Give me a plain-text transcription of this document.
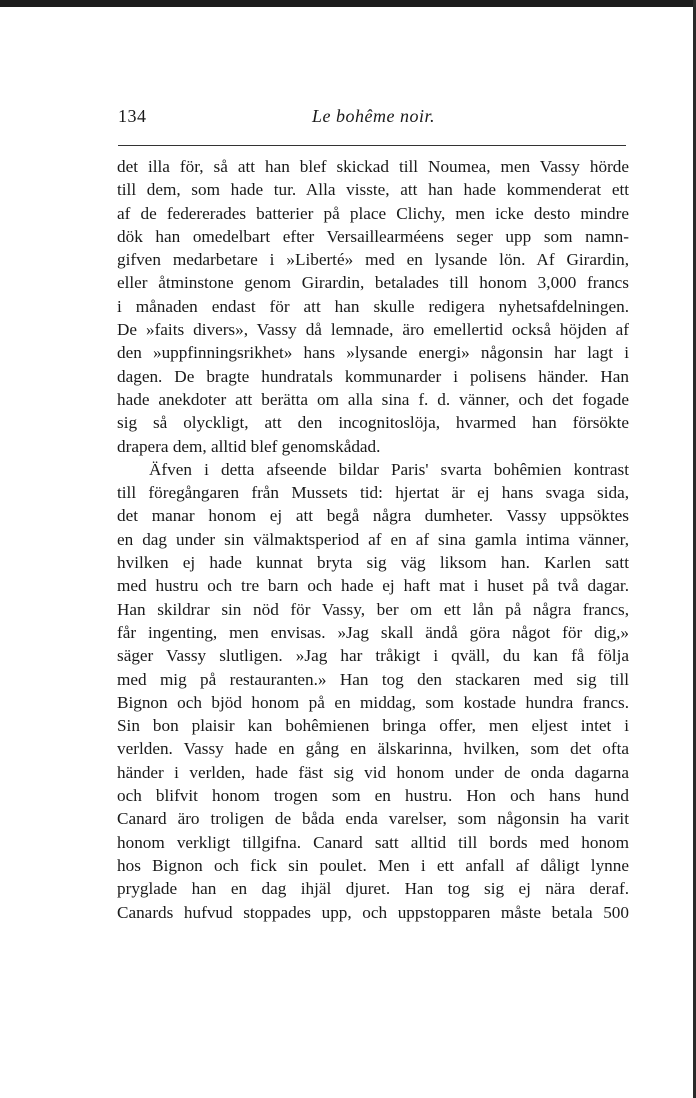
134	Le bohême noir.
det illa för, så att han blef skickad till Noumea, men Vassy hörde
till dem, som hade tur. Alla visste, att han hade kommenderat ett
af de federerades batterier på place Clichy, men icke desto mindre
dök han omedelbart efter Versaillearméens seger upp som namn-
gifven medarbetare i »Liberté» med en lysande lön. Af Girardin,
eller åtminstone genom Girardin, betalades till honom 3,000 francs
i månaden endast för att han skulle redigera nyhetsafdelningen.
De »faits divers», Vassy då lemnade, äro emellertid också höjden af
den »uppfinningsrikhet» hans »lysande energi» någonsin har lagt i
dagen. De bragte hundratals kommunarder i polisens händer. Han
hade anekdoter att berätta om alla sina f. d. vänner, och det fogade
sig så olyckligt, att den incognitoslöja, hvarmed han försökte
drapera dem, alltid blef genomskådad.
Äfven i detta afseende bildar Paris' svarta bohêmien kontrast
till föregångaren från Mussets tid: hjertat är ej hans svaga sida,
det manar honom ej att begå några dumheter. Vassy uppsöktes
en dag under sin välmaktsperiod af en af sina gamla intima vänner,
hvilken ej hade kunnat bryta sig väg liksom han. Karlen satt
med hustru och tre barn och hade ej haft mat i huset på två dagar.
Han skildrar sin nöd för Vassy, ber om ett lån på några francs,
får ingenting, men envisas. »Jag skall ändå göra något för dig,»
säger Vassy slutligen. »Jag har tråkigt i qväll, du kan få följa
med mig på restauranten.» Han tog den stackaren med sig till
Bignon och bjöd honom på en middag, som kostade hundra francs.
Sin bon plaisir kan bohêmienen bringa offer, men eljest intet i
verlden. Vassy hade en gång en älskarinna, hvilken, som det ofta
händer i verlden, hade fäst sig vid honom under de onda dagarna
och blifvit honom trogen som en hustru. Hon och hans hund
Canard äro troligen de båda enda varelser, som någonsin ha varit
honom verkligt tillgifna. Canard satt alltid till bords med honom
hos Bignon och fick sin poulet. Men i ett anfall af dåligt lynne
pryglade han en dag ihjäl djuret. Han tog sig ej nära deraf.
Canards hufvud stoppades upp, och uppstopparen måste betala 500
